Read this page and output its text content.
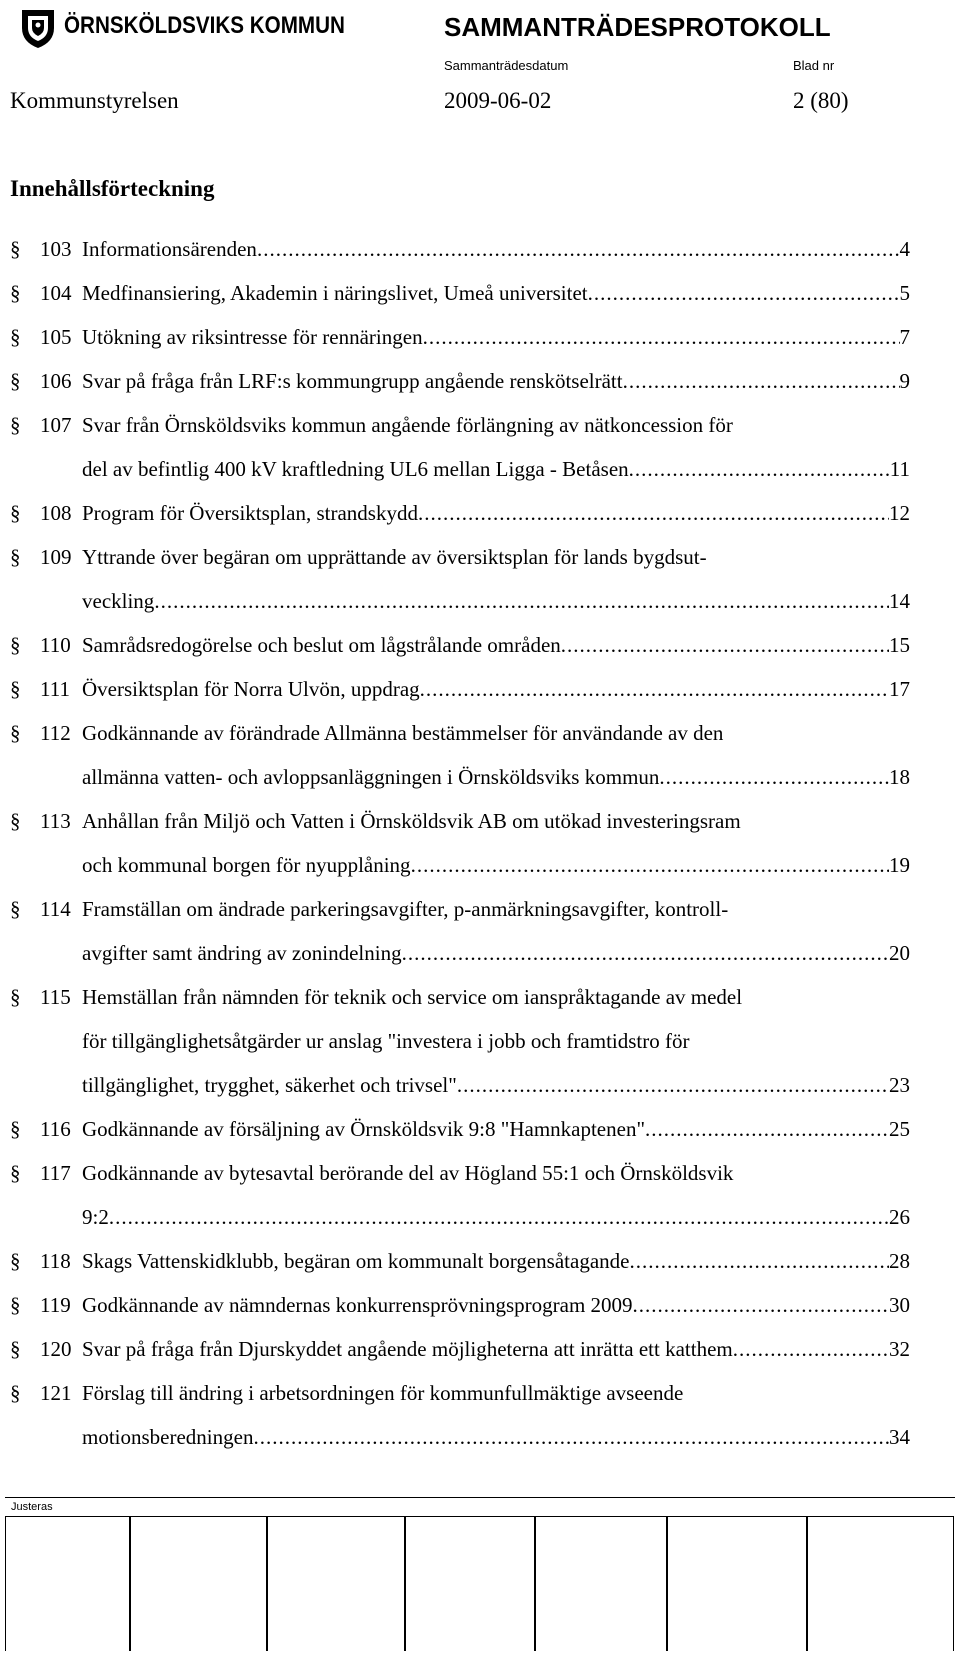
ÖRNSKÖLDSVIKS KOMMUN	SAMMANTRÄDESPROTOKOLL
Sammanträdesdatum	Blad nr
Kommunstyrelsen	2009-06-02	2 (80)
Innehållsförteckning
§ 103 Informationsärenden .....	4
§ 104 Medfinansiering, Akademin i näringslivet, Umeå universitet .....	5
§ 105 Utökning av riksintresse för rennäringen .....	7
§ 106 Svar på fråga från LRF:s kommungrupp angående renskötselrätt .....	9
§ 107 Svar från Örnsköldsviks kommun angående förlängning av nätkoncession för
del av befintlig 400 kV kraftledning UL6 mellan Ligga - Betåsen .....	11
§ 108 Program för Översiktsplan, strandskydd .....	12
§ 109 Yttrande över begäran om upprättande av översiktsplan för lands bygdsut-
veckling .....	14
§ 110 Samrådsredogörelse och beslut om lågstrålande områden .....	15
§ 111 Översiktsplan för Norra Ulvön, uppdrag .....	17
§ 112 Godkännande av förändrade Allmänna bestämmelser för användande av den
allmänna vatten- och avloppsanläggningen i Örnsköldsviks kommun .....	18
§ 113 Anhållan från Miljö och Vatten i Örnsköldsvik AB om utökad investeringsram
och kommunal borgen för nyupplåning .....	19
§ 114 Framställan om ändrade parkeringsavgifter, p-anmärkningsavgifter, kontroll-
avgifter samt ändring av zonindelning .....	20
§ 115 Hemställan från nämnden för teknik och service om ianspråktagande av medel
för tillgänglighetsåtgärder ur anslag "investera i jobb och framtidstro för
tillgänglighet, trygghet, säkerhet och trivsel" .....	23
§ 116 Godkännande av försäljning av Örnsköldsvik 9:8 "Hamnkaptenen" .....	25
§ 117 Godkännande av bytesavtal berörande del av Högland 55:1 och Örnsköldsvik
9:2 .....	26
§ 118 Skags Vattenskidklubb, begäran om kommunalt borgensåtagande .....	28
§ 119 Godkännande av nämndernas konkurrensprövningsprogram 2009 .....	30
§ 120 Svar på fråga från Djurskyddet angående möjligheterna att inrätta ett katthem .....	32
§ 121 Förslag till ändring i arbetsordningen för kommunfullmäktige avseende
motionsberedningen .....	34
Justeras
